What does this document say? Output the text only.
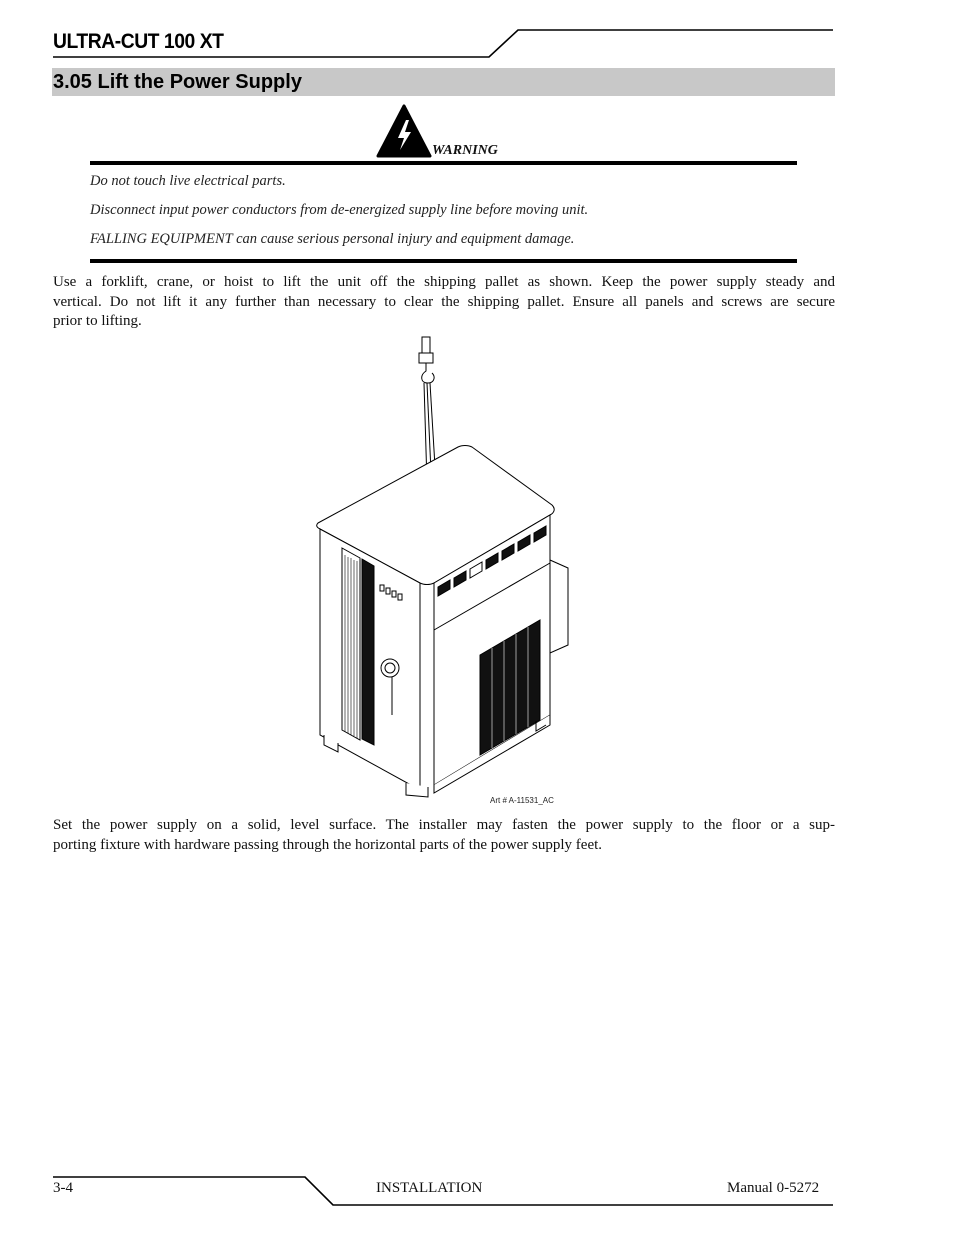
ULTRA-CUT 100 XT
3.05 Lift the Power Supply
WARNING
Do not touch live electrical parts.
Disconnect input power conductors from de-energized supply line before moving unit.
FALLING EQUIPMENT can cause serious personal injury and equipment damage.
Use a forklift, crane, or hoist to lift the unit off the shipping pallet as shown. Keep the power supply steady and
vertical. Do not lift it any further than necessary to clear the shipping pallet. Ensure all panels and screws are secure
prior to lifting.
Art # A-11531_AC
Set the power supply on a solid, level surface. The installer may fasten the power supply to the floor or a sup-
porting fixture with hardware passing through the horizontal parts of the power supply feet.
3-4	INSTALLATION	Manual 0-5272
